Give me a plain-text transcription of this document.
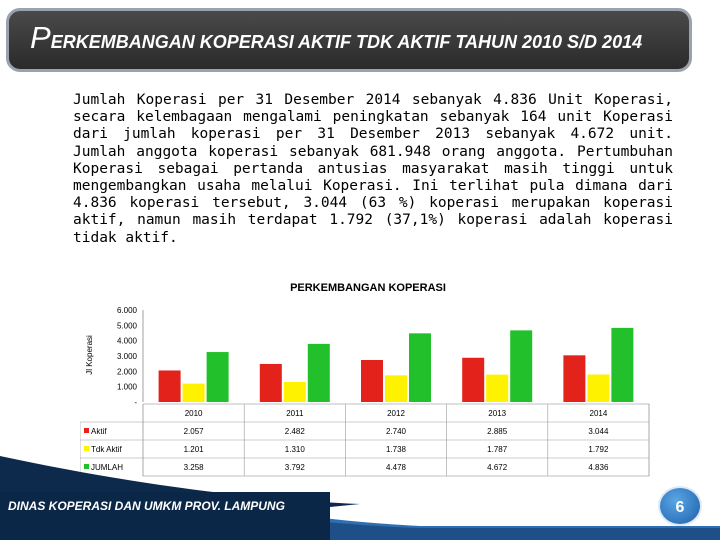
PERKEMBANGAN KOPERASI AKTIF TDK AKTIF TAHUN 2010 S/D 2014
Jumlah Koperasi per 31 Desember 2014 sebanyak 4.836 Unit Koperasi, secara kelembagaan mengalami peningkatan sebanyak 164 unit Koperasi dari jumlah koperasi per 31 Desember 2013 sebanyak 4.672 unit. Jumlah anggota koperasi sebanyak 681.948 orang anggota. Pertumbuhan Koperasi sebagai pertanda antusias masyarakat masih tinggi untuk mengembangkan usaha melalui Koperasi. Ini terlihat pula dimana dari 4.836 koperasi tersebut, 3.044 (63 %) koperasi merupakan koperasi aktif, namun masih terdapat 1.792 (37,1%) koperasi adalah koperasi tidak aktif.
PERKEMBANGAN KOPERASI
Jl Koperasi
-
1.000
2.000
3.000
4.000
5.000
6.000
2010	2011	2012	2013	2014
Aktif	2.057	2.482	2.740	2.885	3.044
Tdk Aktif	1.201	1.310	1.738	1.787	1.792
JUMLAH	3.258	3.792	4.478	4.672	4.836
DINAS KOPERASI DAN UMKM PROV. LAMPUNG	6
